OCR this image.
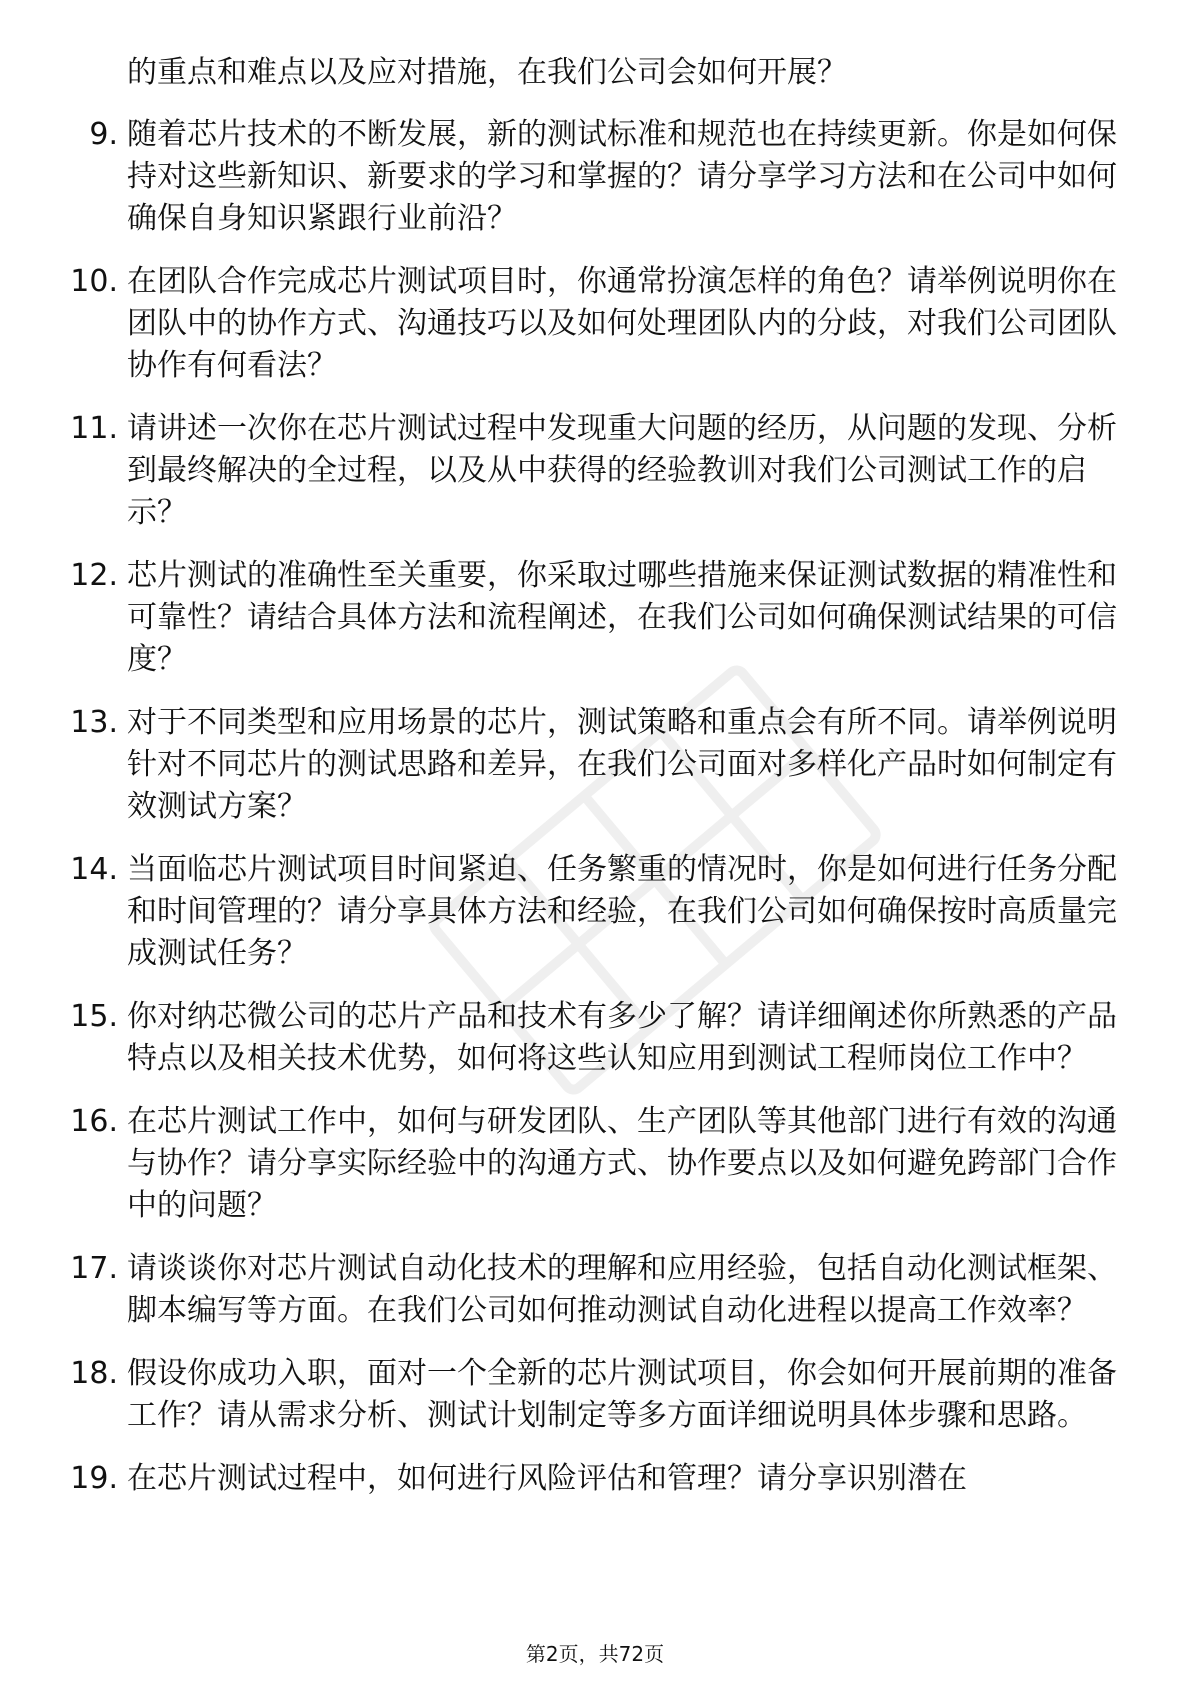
的重点和难点以及应对措施，在我们公司会如何开展？
9. 随着芯片技术的不断发展，新的测试标准和规范也在持续更新。你是如何保持对这些新知识、新要求的学习和掌握的？请分享学习方法和在公司中如何确保自身知识紧跟行业前沿？
10. 在团队合作完成芯片测试项目时，你通常扮演怎样的角色？请举例说明你在团队中的协作方式、沟通技巧以及如何处理团队内的分歧，对我们公司团队协作有何看法？
11. 请讲述一次你在芯片测试过程中发现重大问题的经历，从问题的发现、分析到最终解决的全过程，以及从中获得的经验教训对我们公司测试工作的启示？
12. 芯片测试的准确性至关重要，你采取过哪些措施来保证测试数据的精准性和可靠性？请结合具体方法和流程阐述，在我们公司如何确保测试结果的可信度？
13. 对于不同类型和应用场景的芯片，测试策略和重点会有所不同。请举例说明针对不同芯片的测试思路和差异，在我们公司面对多样化产品时如何制定有效测试方案？
14. 当面临芯片测试项目时间紧迫、任务繁重的情况时，你是如何进行任务分配和时间管理的？请分享具体方法和经验，在我们公司如何确保按时高质量完成测试任务？
15. 你对纳芯微公司的芯片产品和技术有多少了解？请详细阐述你所熟悉的产品特点以及相关技术优势，如何将这些认知应用到测试工程师岗位工作中？
16. 在芯片测试工作中，如何与研发团队、生产团队等其他部门进行有效的沟通与协作？请分享实际经验中的沟通方式、协作要点以及如何避免跨部门合作中的问题？
17. 请谈谈你对芯片测试自动化技术的理解和应用经验，包括自动化测试框架、脚本编写等方面。在我们公司如何推动测试自动化进程以提高工作效率？
18. 假设你成功入职，面对一个全新的芯片测试项目，你会如何开展前期的准备工作？请从需求分析、测试计划制定等多方面详细说明具体步骤和思路。
19. 在芯片测试过程中，如何进行风险评估和管理？请分享识别潜在
第2页，共72页
